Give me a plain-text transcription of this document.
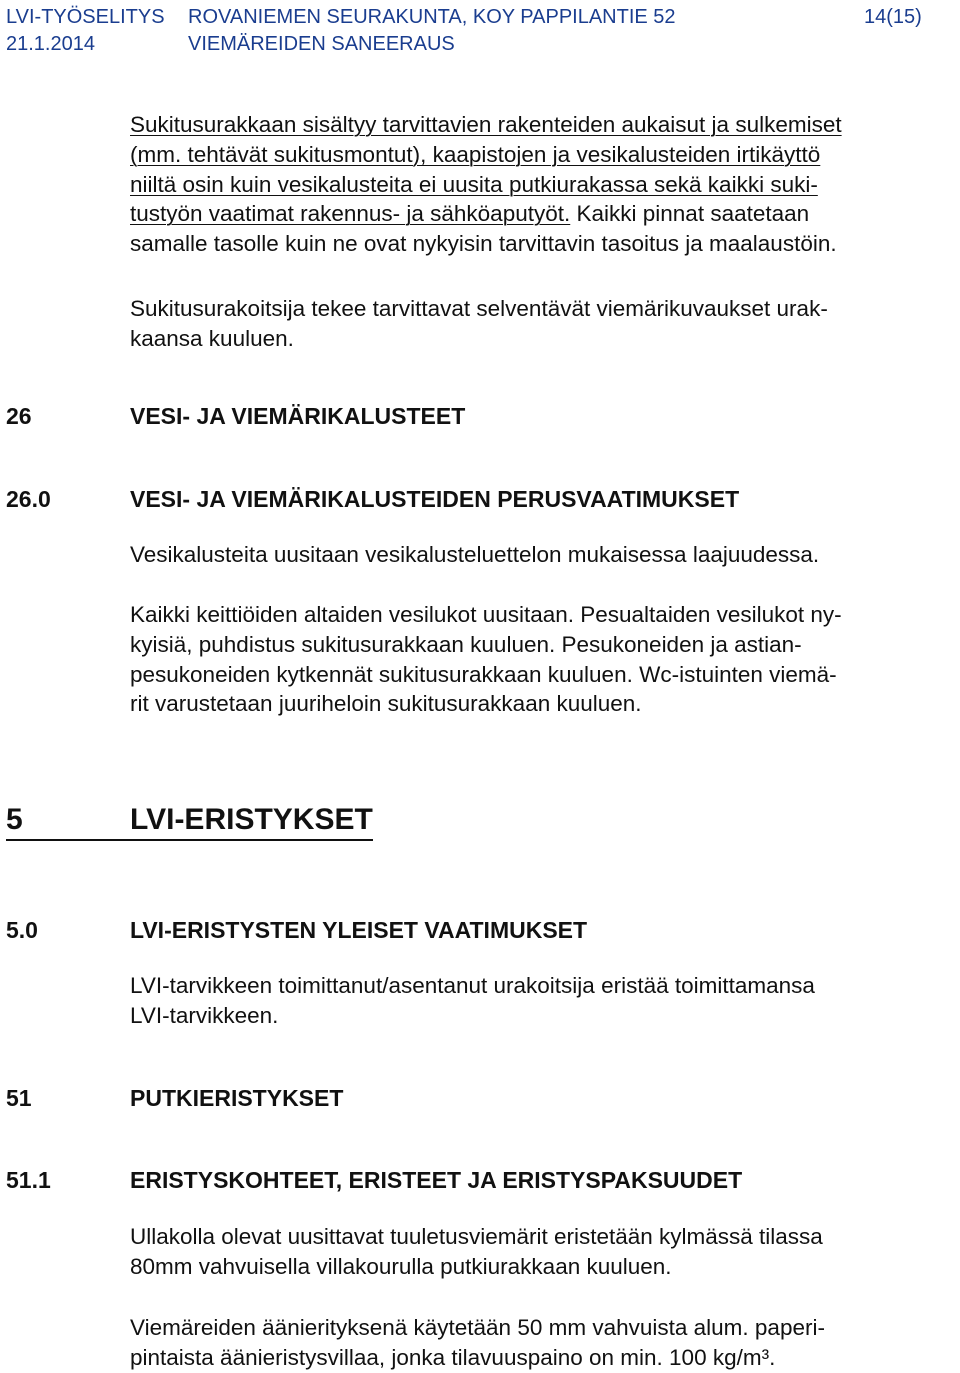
LVI-TYÖSELITYS
21.1.2014
ROVANIEMEN SEURAKUNTA, KOY PAPPILANTIE 52
VIEMÄREIDEN SANEERAUS
14(15)
Sukitusurakkaan sisältyy tarvittavien rakenteiden aukaisut ja sulkemiset
(mm. tehtävät sukitusmontut), kaapistojen ja vesikalusteiden irtikäyttö
niiltä osin kuin vesikalusteita ei uusita putkiurakassa sekä kaikki suki-
tustyön vaatimat rakennus- ja sähköaputyöt. Kaikki pinnat saatetaan
samalle tasolle kuin ne ovat nykyisin tarvittavin tasoitus ja maalaustöin.
Sukitusurakoitsija tekee tarvittavat selventävät viemärikuvaukset urak-
kaansa kuuluen.
26	VESI- JA VIEMÄRIKALUSTEET
26.0	VESI- JA VIEMÄRIKALUSTEIDEN PERUSVAATIMUKSET
Vesikalusteita uusitaan vesikalusteluettelon mukaisessa laajuudessa.
Kaikki keittiöiden altaiden vesilukot uusitaan. Pesualtaiden vesilukot ny-
kyisiä, puhdistus sukitusurakkaan kuuluen. Pesukoneiden ja astian-
pesukoneiden kytkennät sukitusurakkaan kuuluen. Wc-istuinten viemä-
rit varustetaan juuriheloin sukitusurakkaan kuuluen.
5	LVI-ERISTYKSET
5.0	LVI-ERISTYSTEN YLEISET VAATIMUKSET
LVI-tarvikkeen toimittanut/asentanut urakoitsija eristää toimittamansa
LVI-tarvikkeen.
51	PUTKIERISTYKSET
51.1	ERISTYSKOHTEET, ERISTEET JA ERISTYSPAKSUUDET
Ullakolla olevat uusittavat tuuletusviemärit eristetään kylmässä tilassa
80mm vahvuisella villakourulla putkiurakkaan kuuluen.
Viemäreiden äänierityksenä käytetään 50 mm vahvuista alum. paperi-
pintaista äänieristysvillaa, jonka tilavuuspaino on min. 100 kg/m³.
